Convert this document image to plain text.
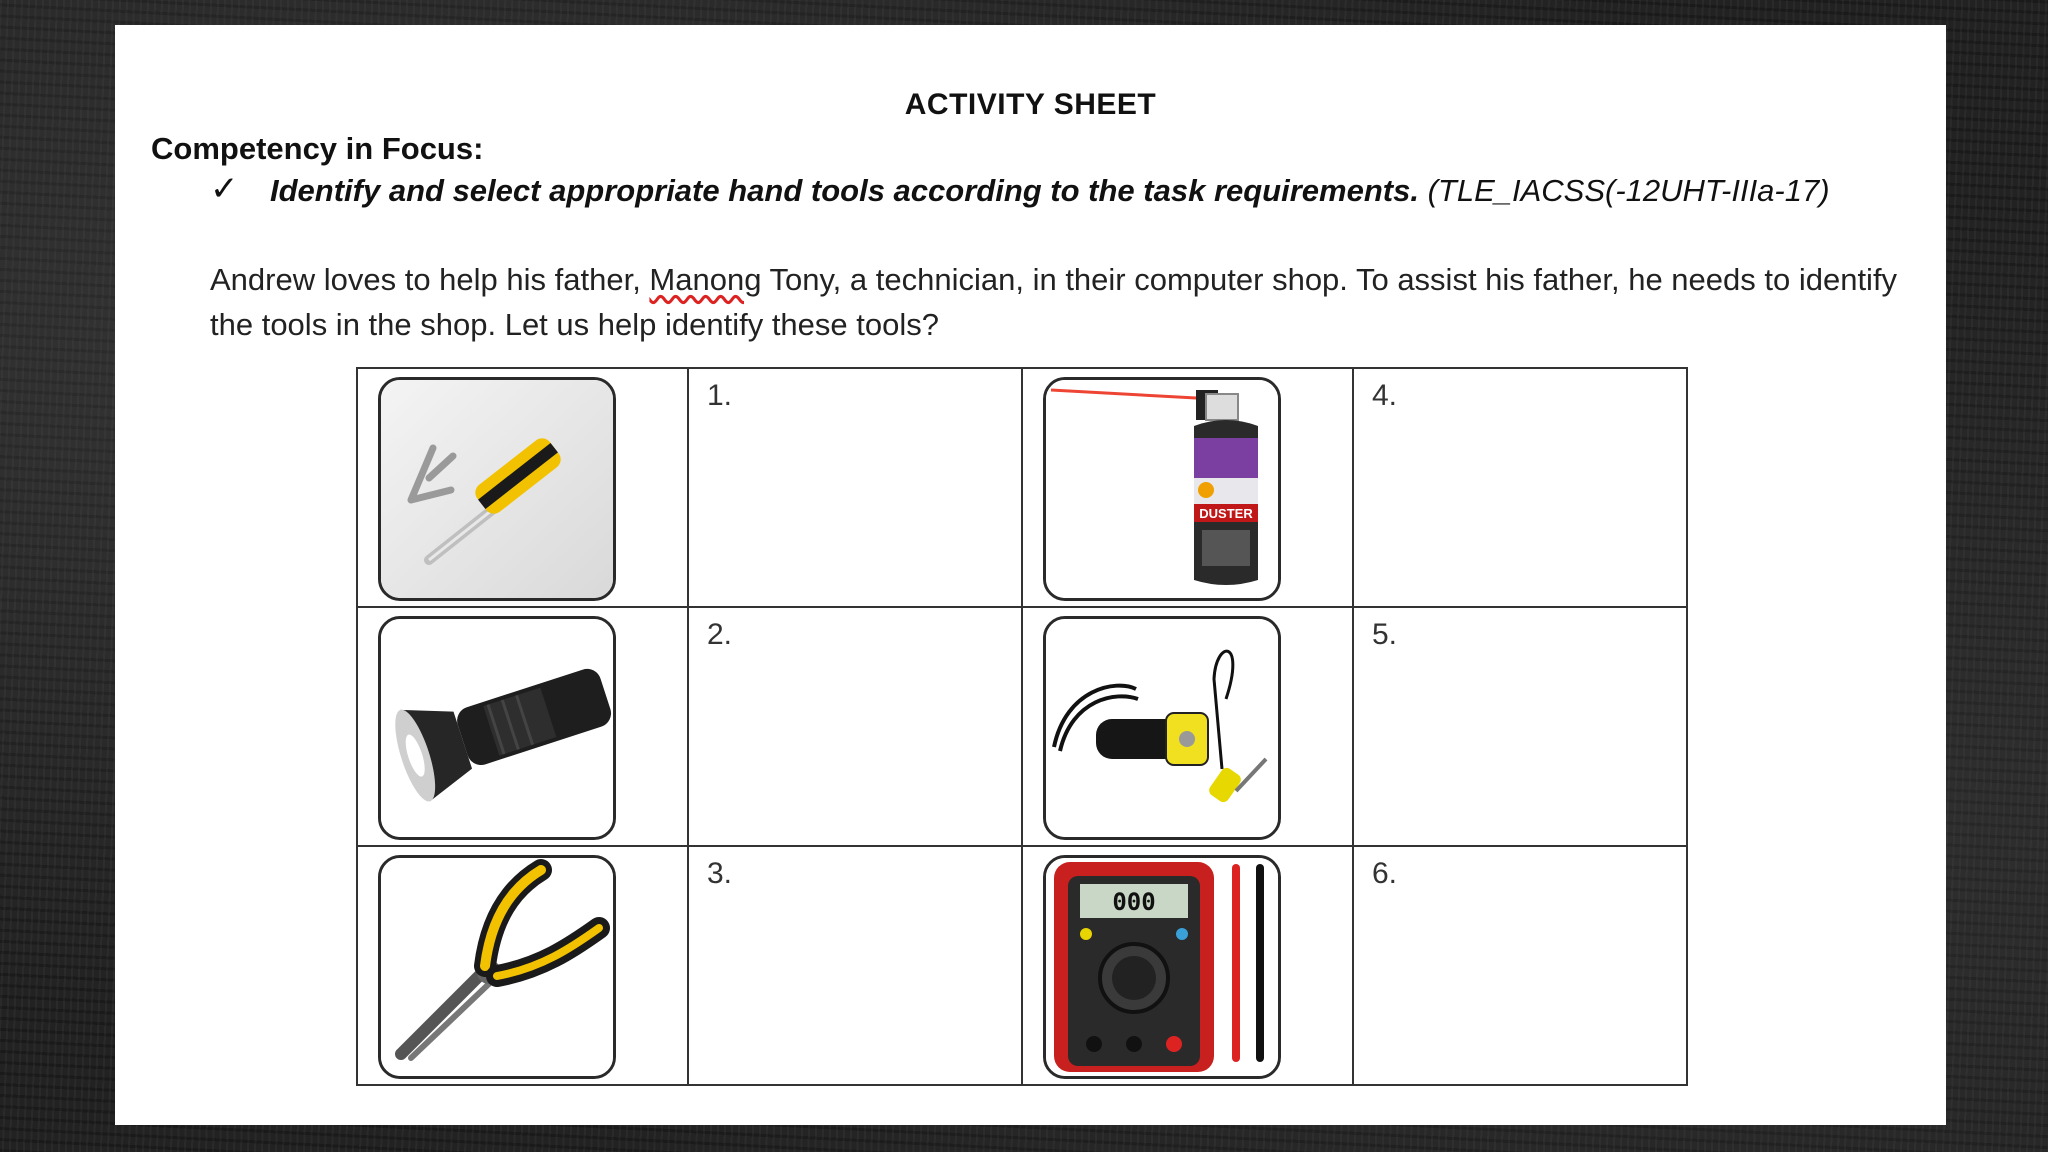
ACTIVITY SHEET
Competency in Focus:
✓ Identify and select appropriate hand tools according to the task requirements. (TLE_IACSS(-12UHT-IIIa-17)
Andrew loves to help his father, Manong Tony, a technician, in their computer shop. To assist his father, he needs to identify the tools in the shop. Let us help identify these tools?

1.	DUSTER	4.

2.		5.

3.	000	6.
